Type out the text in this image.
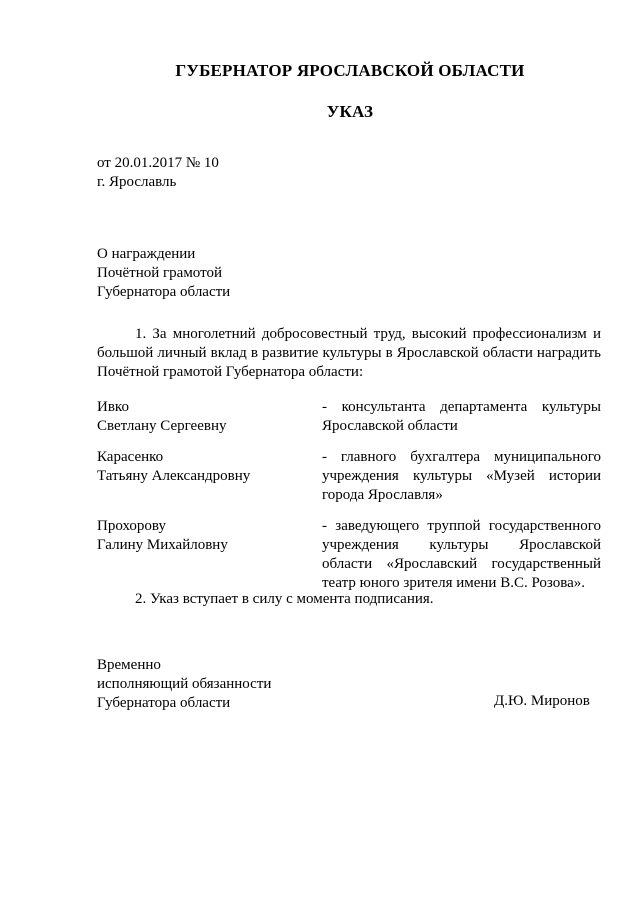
ГУБЕРНАТОР ЯРОСЛАВСКОЙ ОБЛАСТИ
УКАЗ
от 20.01.2017 № 10
г. Ярославль
О награждении
Почётной грамотой
Губернатора области
1. За многолетний добросовестный труд, высокий профессионализм и большой личный вклад в развитие культуры в Ярославской области наградить Почётной грамотой Губернатора области:
Ивко
Светлану Сергеевну
- консультанта департамента культуры Ярославской области
Карасенко
Татьяну Александровну
- главного бухгалтера муниципального учреждения культуры «Музей истории города Ярославля»
Прохорову
Галину Михайловну
- заведующего труппой государственного учреждения культуры Ярославской области «Ярославский государственный театр юного зрителя имени В.С. Розова».
2. Указ вступает в силу с момента подписания.
Временно
исполняющий обязанности
Губернатора области	Д.Ю. Миронов
